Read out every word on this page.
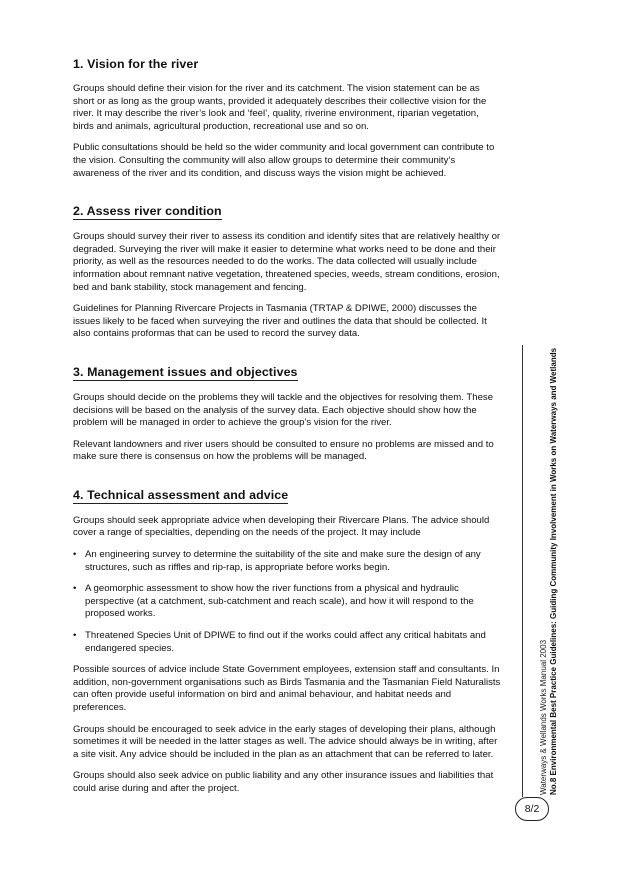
1. Vision for the river

Groups should define their vision for the river and its catchment. The vision statement can be as short or as long as the group wants, provided it adequately describes their collective vision for the river. It may describe the river’s look and ‘feel’, quality, riverine environment, riparian vegetation, birds and animals, agricultural production, recreational use and so on.

Public consultations should be held so the wider community and local government can contribute to the vision. Consulting the community will also allow groups to determine their community’s awareness of the river and its condition, and discuss ways the vision might be achieved.

2. Assess river condition

Groups should survey their river to assess its condition and identify sites that are relatively healthy or degraded. Surveying the river will make it easier to determine what works need to be done and their priority, as well as the resources needed to do the works. The data collected will usually include information about remnant native vegetation, threatened species, weeds, stream conditions, erosion, bed and bank stability, stock management and fencing.

Guidelines for Planning Rivercare Projects in Tasmania (TRTAP & DPIWE, 2000) discusses the issues likely to be faced when surveying the river and outlines the data that should be collected. It also contains proformas that can be used to record the survey data.

3. Management issues and objectives

Groups should decide on the problems they will tackle and the objectives for resolving them. These decisions will be based on the analysis of the survey data. Each objective should show how the problem will be managed in order to achieve the group’s vision for the river.

Relevant landowners and river users should be consulted to ensure no problems are missed and to make sure there is consensus on how the problems will be managed.

4. Technical assessment and advice

Groups should seek appropriate advice when developing their Rivercare Plans. The advice should cover a range of specialties, depending on the needs of the project. It may include

• An engineering survey to determine the suitability of the site and make sure the design of any structures, such as riffles and rip-rap, is appropriate before works begin.
• A geomorphic assessment to show how the river functions from a physical and hydraulic perspective (at a catchment, sub-catchment and reach scale), and how it will respond to the proposed works.
• Threatened Species Unit of DPIWE to find out if the works could affect any critical habitats and endangered species.

Possible sources of advice include State Government employees, extension staff and consultants. In addition, non-government organisations such as Birds Tasmania and the Tasmanian Field Naturalists can often provide useful information on bird and animal behaviour, and habitat needs and preferences.

Groups should be encouraged to seek advice in the early stages of developing their plans, although sometimes it will be needed in the latter stages as well. The advice should always be in writing, after a site visit. Any advice should be included in the plan as an attachment that can be referred to later.

Groups should also seek advice on public liability and any other insurance issues and liabilities that could arise during and after the project.	Waterways & Wellands Works Manual 2003 No.8 Environmental Best Practice Guidelines: Guiding Community Involvement in Works on Waterways and Wetlands
8/2
